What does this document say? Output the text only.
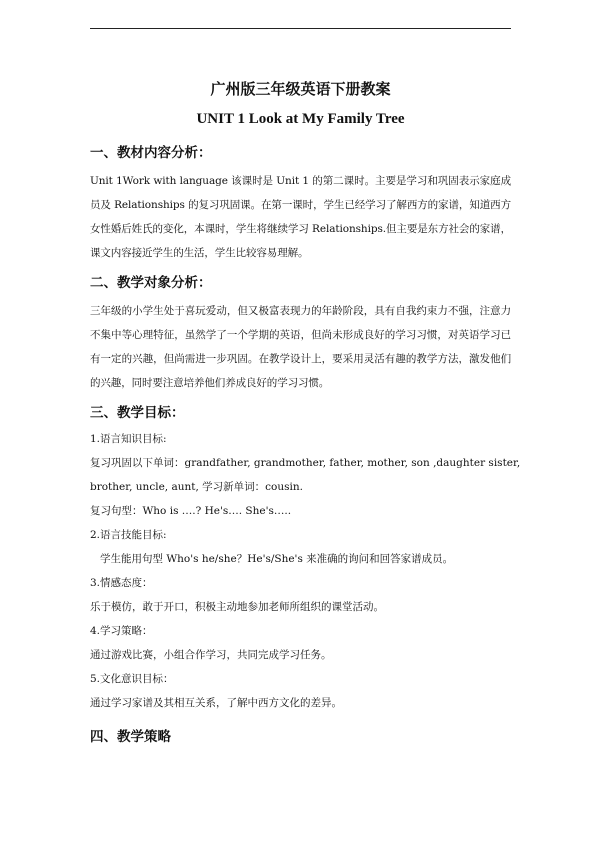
广州版三年级英语下册教案
UNIT 1 Look at My Family Tree
一、教材内容分析：

Unit 1Work with language 该课时是 Unit 1 的第二课时。主要是学习和巩固表示家庭成员及 Relationships 的复习巩固课。在第一课时，学生已经学习了解西方的家谱，知道西方女性婚后姓氏的变化，本课时，学生将继续学习 Relationships.但主要是东方社会的家谱，课文内容接近学生的生活，学生比较容易理解。

二、教学对象分析：

三年级的小学生处于喜玩爱动，但又极富表现力的年龄阶段，具有自我约束力不强，注意力不集中等心理特征，虽然学了一个学期的英语，但尚未形成良好的学习习惯，对英语学习已有一定的兴趣，但尚需进一步巩固。在教学设计上，要采用灵活有趣的教学方法，激发他们的兴趣，同时要注意培养他们养成良好的学习习惯。

三、教学目标：
1.语言知识目标:
复习巩固以下单词：grandfather, grandmother, father, mother, son ,daughter sister,
brother, uncle, aunt, 学习新单词：cousin.
复习句型：Who is ….? He's…. She's…..
2.语言技能目标:
学生能用句型 Who's he/she？He's/She's 来准确的询问和回答家谱成员。
3.情感态度：
乐于模仿，敢于开口，积极主动地参加老师所组织的课堂活动。
4.学习策略：
通过游戏比赛，小组合作学习，共同完成学习任务。
5.文化意识目标：
通过学习家谱及其相互关系，了解中西方文化的差异。
四、教学策略
